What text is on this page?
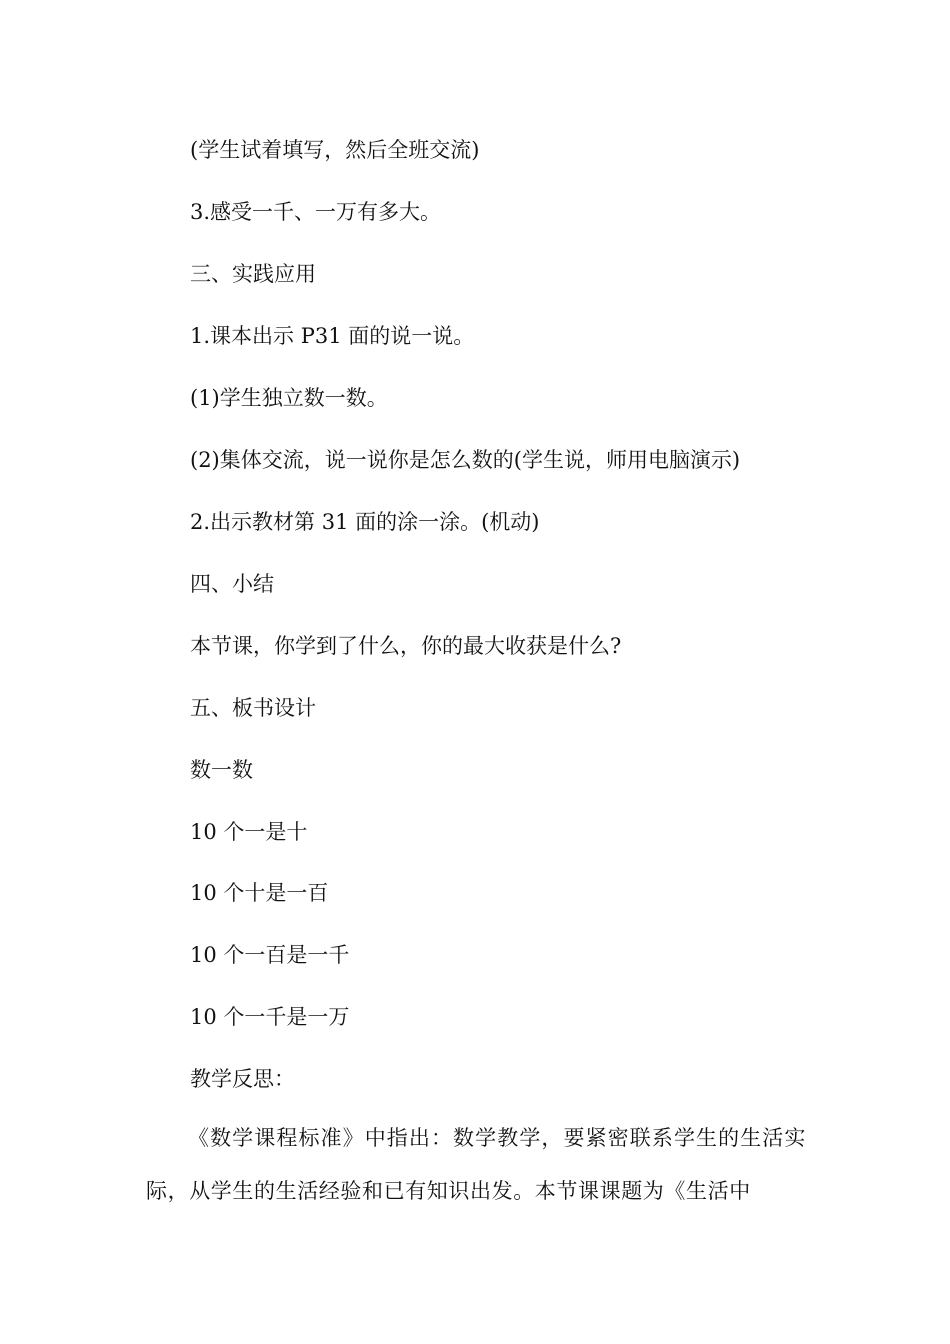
(学生试着填写，然后全班交流)
3.感受一千、一万有多大。
三、实践应用
1.课本出示 P31 面的说一说。
(1)学生独立数一数。
(2)集体交流，说一说你是怎么数的(学生说，师用电脑演示)
2.出示教材第 31 面的涂一涂。(机动)
四、小结
本节课，你学到了什么，你的最大收获是什么?
五、板书设计
数一数
10 个一是十
10 个十是一百
10 个一百是一千
10 个一千是一万
教学反思：
《数学课程标准》中指出：数学教学，要紧密联系学生的生活实际，从学生的生活经验和已有知识出发。本节课课题为《生活中
